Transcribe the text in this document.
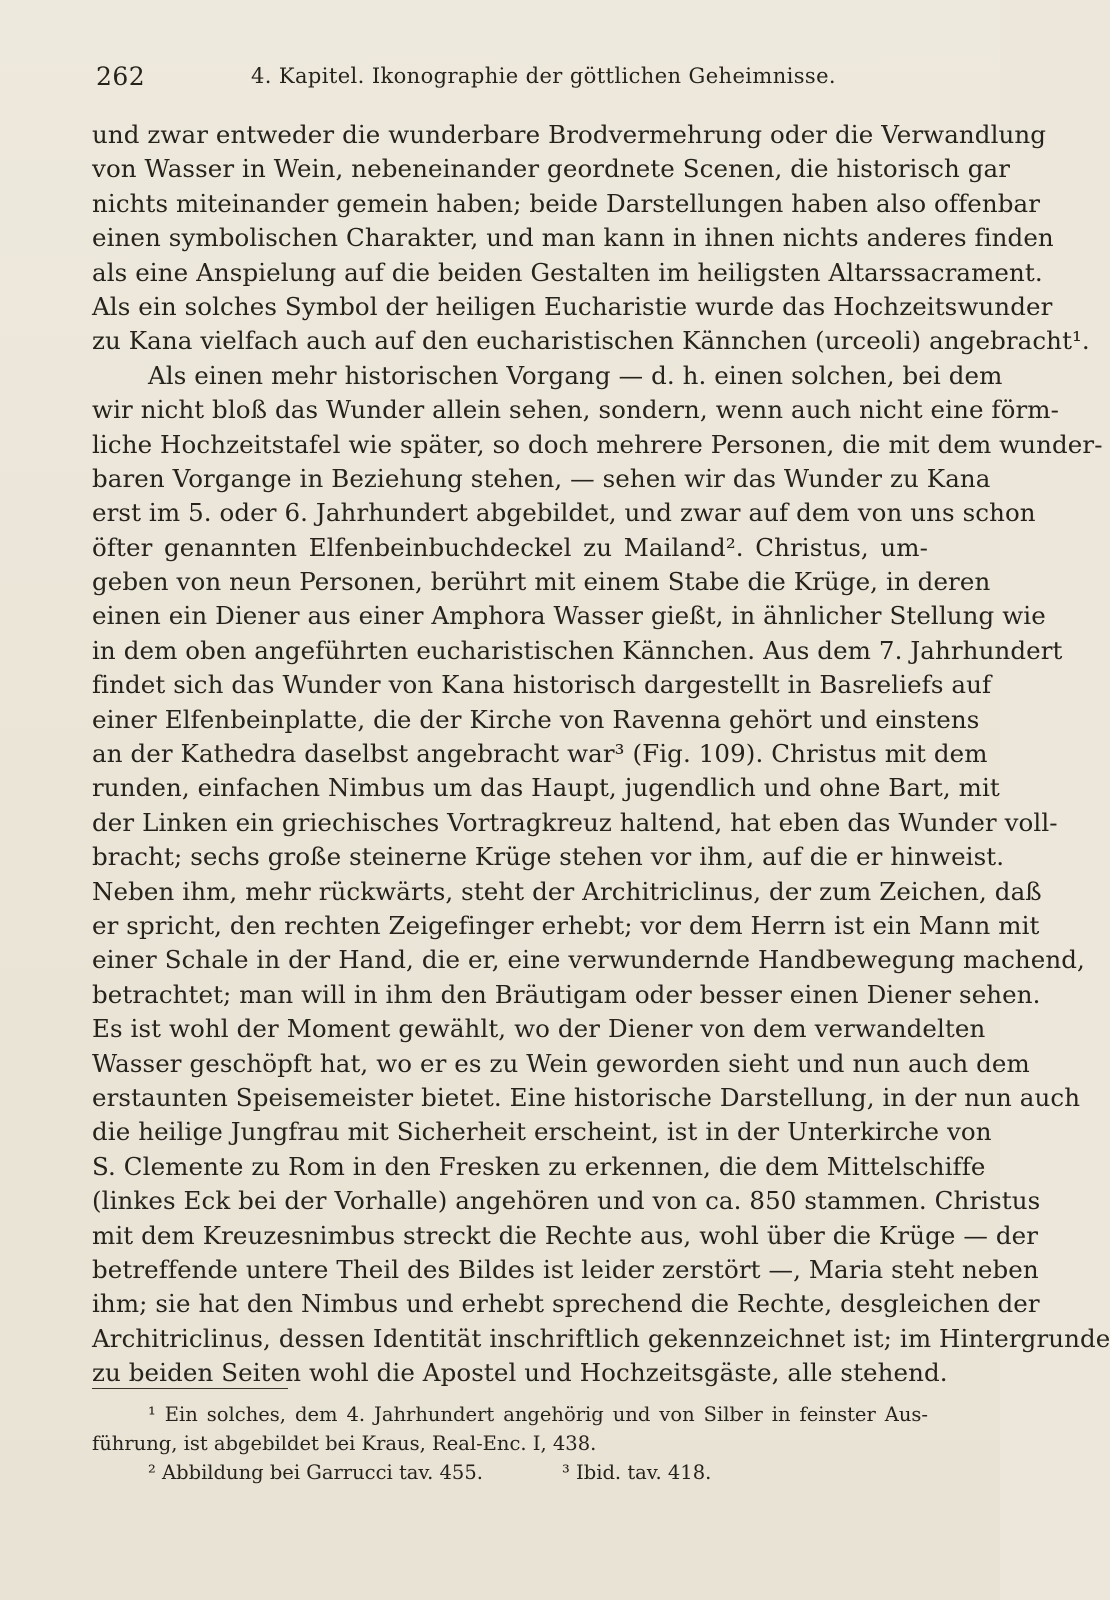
262	4. Kapitel. Ikonographie der göttlichen Geheimnisse.
und zwar entweder die wunderbare Brodvermehrung oder die Verwandlung
von Wasser in Wein, nebeneinander geordnete Scenen, die historisch gar
nichts miteinander gemein haben; beide Darstellungen haben also offenbar
einen symbolischen Charakter, und man kann in ihnen nichts anderes finden
als eine Anspielung auf die beiden Gestalten im heiligsten Altarssacrament.
Als ein solches Symbol der heiligen Eucharistie wurde das Hochzeitswunder
zu Kana vielfach auch auf den eucharistischen Kännchen (urceoli) angebracht¹.
Als einen mehr historischen Vorgang — d. h. einen solchen, bei dem
wir nicht bloß das Wunder allein sehen, sondern, wenn auch nicht eine förm-
liche Hochzeitstafel wie später, so doch mehrere Personen, die mit dem wunder-
baren Vorgange in Beziehung stehen, — sehen wir das Wunder zu Kana
erst im 5. oder 6. Jahrhundert abgebildet, und zwar auf dem von uns schon
öfter genannten Elfenbeinbuchdeckel zu Mailand². Christus, um-
geben von neun Personen, berührt mit einem Stabe die Krüge, in deren
einen ein Diener aus einer Amphora Wasser gießt, in ähnlicher Stellung wie
in dem oben angeführten eucharistischen Kännchen. Aus dem 7. Jahrhundert
findet sich das Wunder von Kana historisch dargestellt in Basreliefs auf
einer Elfenbeinplatte, die der Kirche von Ravenna gehört und einstens
an der Kathedra daselbst angebracht war³ (Fig. 109). Christus mit dem
runden, einfachen Nimbus um das Haupt, jugendlich und ohne Bart, mit
der Linken ein griechisches Vortragkreuz haltend, hat eben das Wunder voll-
bracht; sechs große steinerne Krüge stehen vor ihm, auf die er hinweist.
Neben ihm, mehr rückwärts, steht der Architriclinus, der zum Zeichen, daß
er spricht, den rechten Zeigefinger erhebt; vor dem Herrn ist ein Mann mit
einer Schale in der Hand, die er, eine verwundernde Handbewegung machend,
betrachtet; man will in ihm den Bräutigam oder besser einen Diener sehen.
Es ist wohl der Moment gewählt, wo der Diener von dem verwandelten
Wasser geschöpft hat, wo er es zu Wein geworden sieht und nun auch dem
erstaunten Speisemeister bietet. Eine historische Darstellung, in der nun auch
die heilige Jungfrau mit Sicherheit erscheint, ist in der Unterkirche von
S. Clemente zu Rom in den Fresken zu erkennen, die dem Mittelschiffe
(linkes Eck bei der Vorhalle) angehören und von ca. 850 stammen. Christus
mit dem Kreuzesnimbus streckt die Rechte aus, wohl über die Krüge — der
betreffende untere Theil des Bildes ist leider zerstört —, Maria steht neben
ihm; sie hat den Nimbus und erhebt sprechend die Rechte, desgleichen der
Architriclinus, dessen Identität inschriftlich gekennzeichnet ist; im Hintergrunde
zu beiden Seiten wohl die Apostel und Hochzeitsgäste, alle stehend.
¹ Ein solches, dem 4. Jahrhundert angehörig und von Silber in feinster Aus-
führung, ist abgebildet bei Kraus, Real-Enc. I, 438.
² Abbildung bei Garrucci tav. 455.	³ Ibid. tav. 418.
